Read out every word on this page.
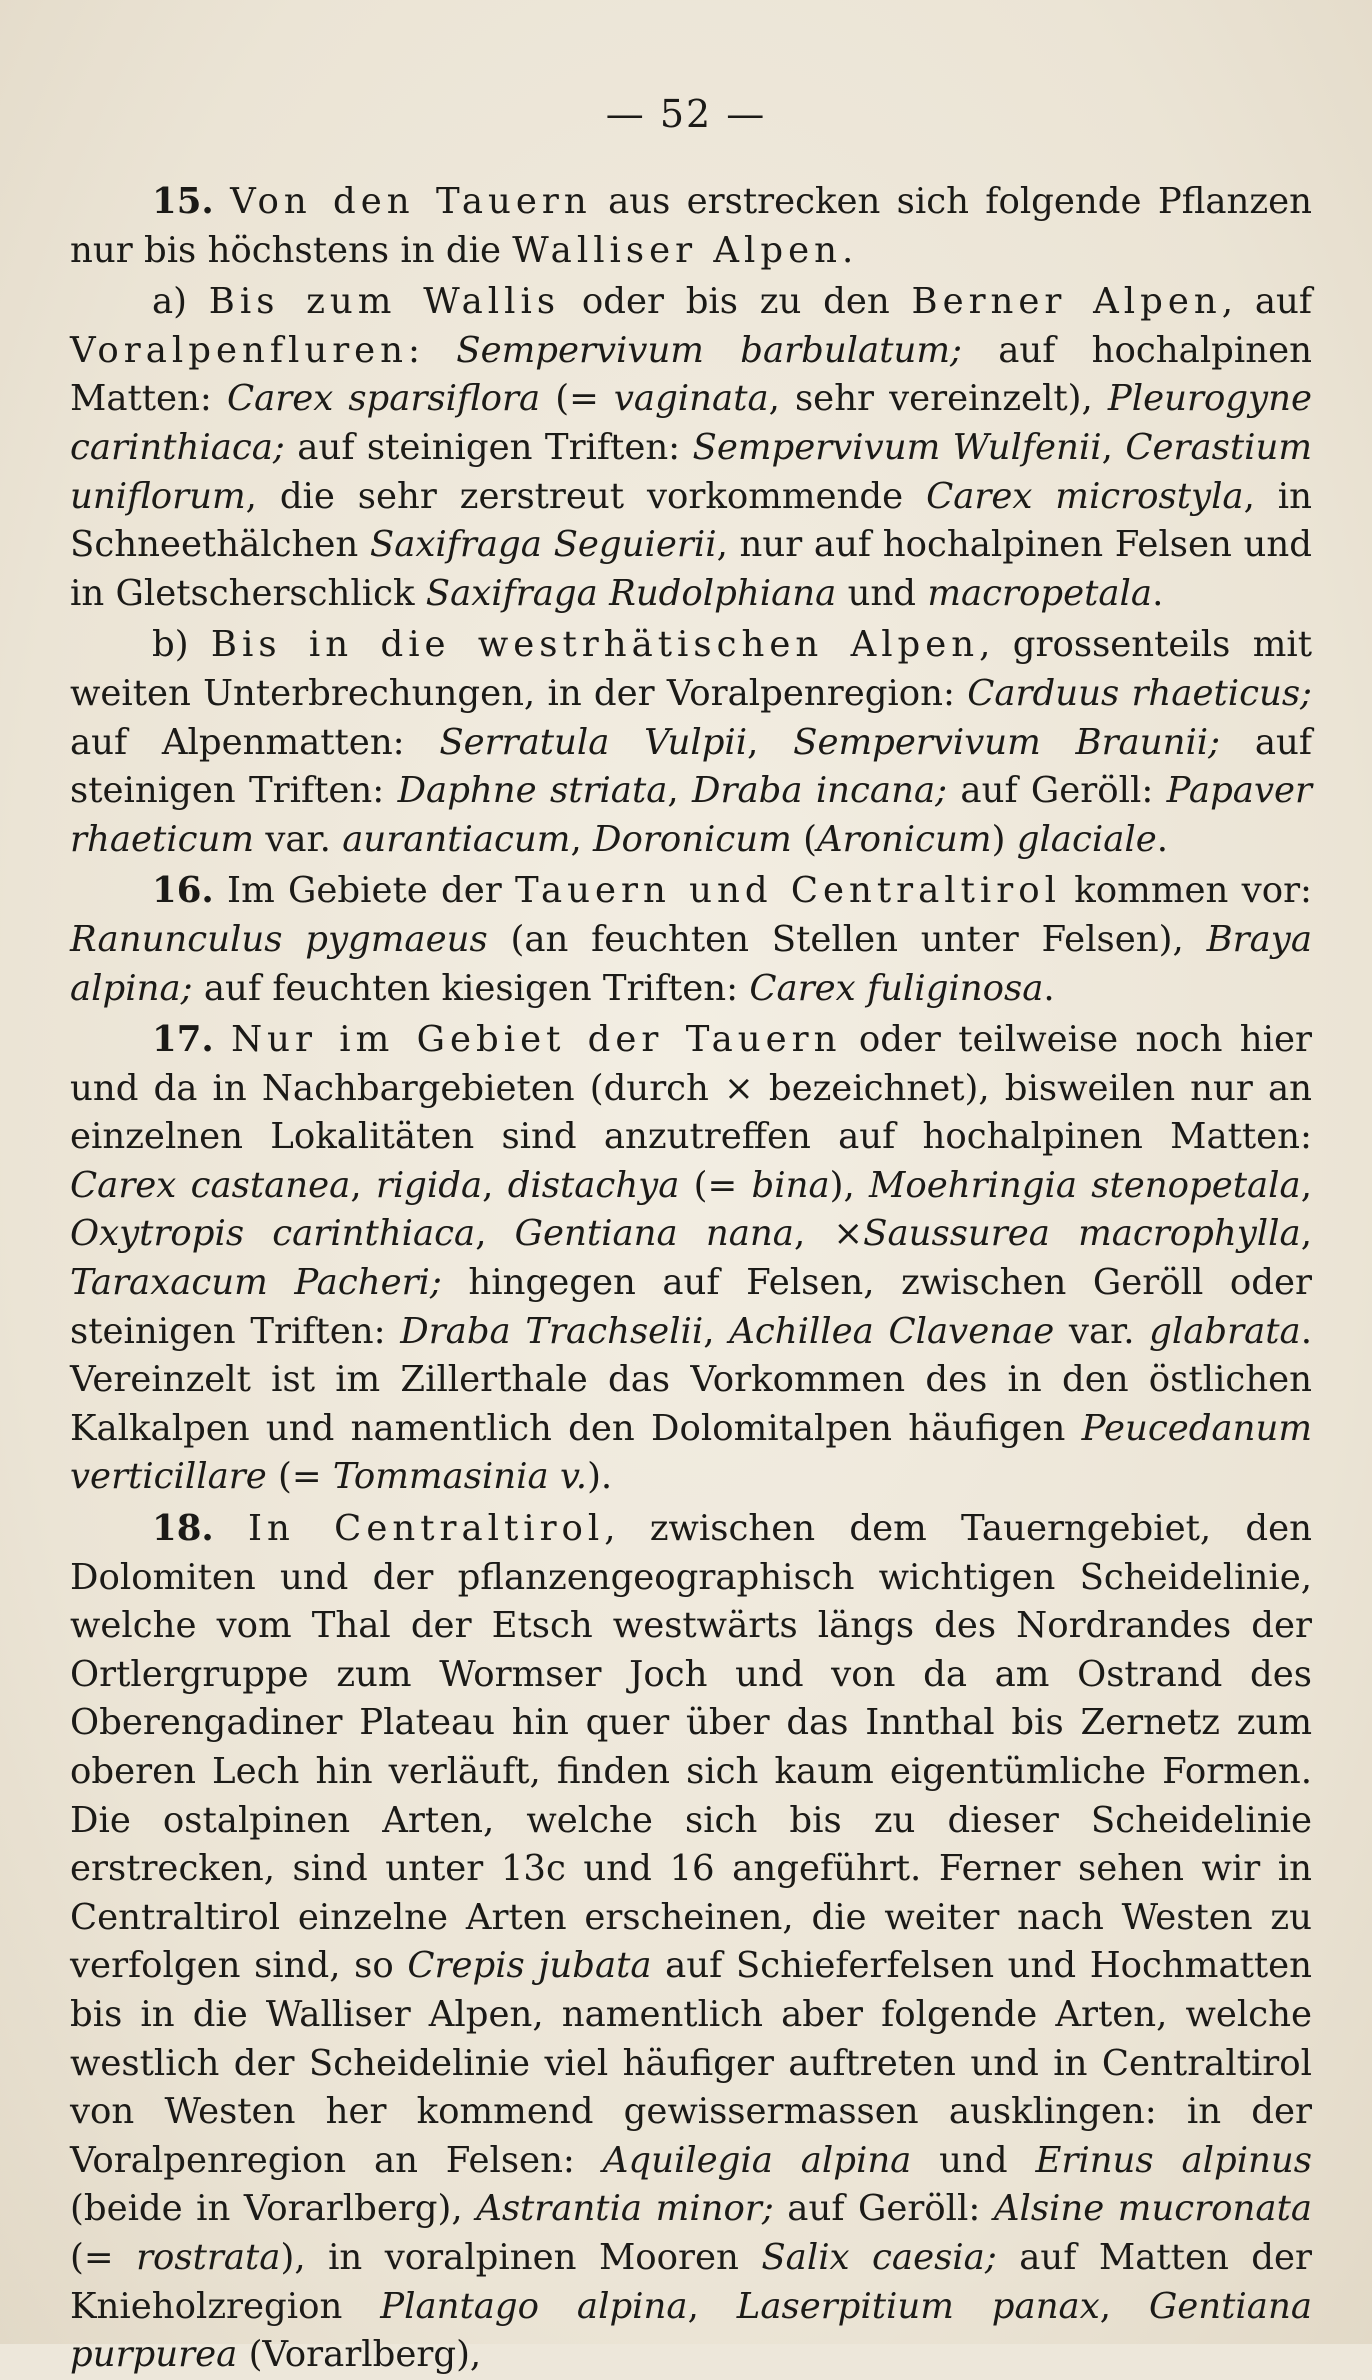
— 52 —

15. Von den Tauern aus erstrecken sich folgende Pflanzen nur bis höchstens in die Walliser Alpen.

a) Bis zum Wallis oder bis zu den Berner Alpen, auf Voralpenfluren: Sempervivum barbulatum; auf hochalpinen Matten: Carex sparsiflora (= vaginata, sehr vereinzelt), Pleurogyne carinthiaca; auf steinigen Triften: Sempervivum Wulfenii, Cerastium uniflorum, die sehr zerstreut vorkommende Carex microstyla, in Schneethälchen Saxifraga Seguierii, nur auf hochalpinen Felsen und in Gletscherschlick Saxifraga Rudolphiana und macropetala.

b) Bis in die westrhätischen Alpen, grossenteils mit weiten Unterbrechungen, in der Voralpenregion: Carduus rhaeticus; auf Alpenmatten: Serratula Vulpii, Sempervivum Braunii; auf steinigen Triften: Daphne striata, Draba incana; auf Geröll: Papaver rhaeticum var. aurantiacum, Doronicum (Aronicum) glaciale.

16. Im Gebiete der Tauern und Centraltirol kommen vor: Ranunculus pygmaeus (an feuchten Stellen unter Felsen), Braya alpina; auf feuchten kiesigen Triften: Carex fuliginosa.

17. Nur im Gebiet der Tauern oder teilweise noch hier und da in Nachbargebieten (durch × bezeichnet), bisweilen nur an einzelnen Lokalitäten sind anzutreffen auf hochalpinen Matten: Carex castanea, rigida, distachya (= bina), Moehringia stenopetala, Oxytropis carinthiaca, Gentiana nana, ×Saussurea macrophylla, Taraxacum Pacheri; hingegen auf Felsen, zwischen Geröll oder steinigen Triften: Draba Trachselii, Achillea Clavenae var. glabrata. Vereinzelt ist im Zillerthale das Vorkommen des in den östlichen Kalkalpen und namentlich den Dolomitalpen häufigen Peucedanum verticillare (= Tommasinia v.).

18. In Centraltirol, zwischen dem Tauerngebiet, den Dolomiten und der pflanzengeographisch wichtigen Scheidelinie, welche vom Thal der Etsch westwärts längs des Nordrandes der Ortlergruppe zum Wormser Joch und von da am Ostrand des Oberengadiner Plateau hin quer über das Innthal bis Zernetz zum oberen Lech hin verläuft, finden sich kaum eigentümliche Formen. Die ostalpinen Arten, welche sich bis zu dieser Scheidelinie erstrecken, sind unter 13c und 16 angeführt. Ferner sehen wir in Centraltirol einzelne Arten erscheinen, die weiter nach Westen zu verfolgen sind, so Crepis jubata auf Schieferfelsen und Hochmatten bis in die Walliser Alpen, namentlich aber folgende Arten, welche westlich der Scheidelinie viel häufiger auftreten und in Centraltirol von Westen her kommend gewissermassen ausklingen: in der Voralpenregion an Felsen: Aquilegia alpina und Erinus alpinus (beide in Vorarlberg), Astrantia minor; auf Geröll: Alsine mucronata (= rostrata), in voralpinen Mooren Salix caesia; auf Matten der Knieholzregion Plantago alpina, Laserpitium panax, Gentiana purpurea (Vorarlberg),
